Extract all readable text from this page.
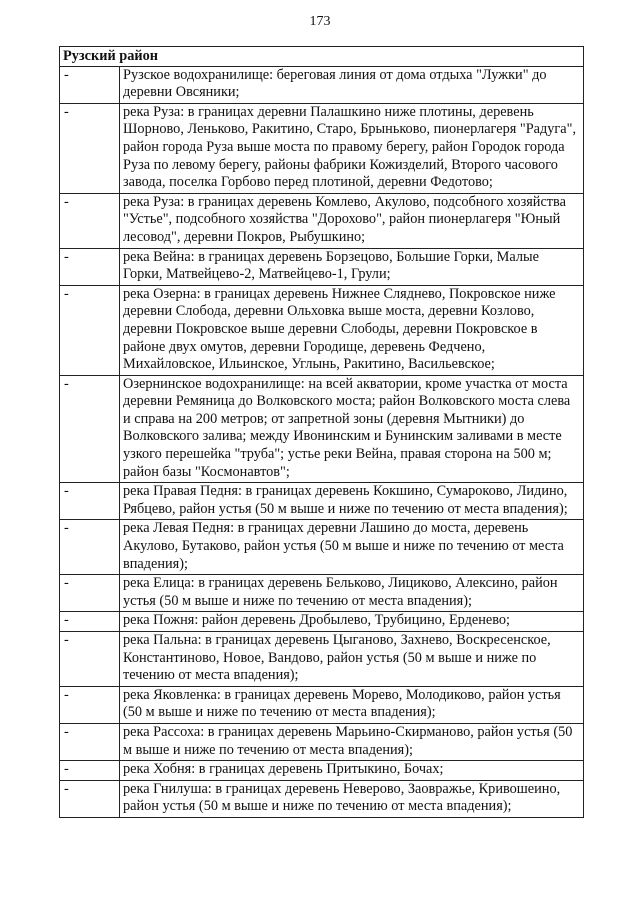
173
Рузский район	
-	Рузское водохранилище: береговая линия от дома отдыха "Лужки" до деревни Овсяники;
-	река Руза: в границах деревни Палашкино ниже плотины, деревень Шорново, Леньково, Ракитино, Старо, Брыньково, пионерлагеря "Радуга", район города Руза выше моста по правому берегу, район Городок города Руза по левому берегу, районы фабрики Кожизделий, Второго часового завода, поселка Горбово перед плотиной, деревни Федотово;
-	река Руза: в границах деревень Комлево, Акулово, подсобного хозяйства "Устье", подсобного хозяйства "Дорохово", район пионерлагеря "Юный лесовод", деревни Покров, Рыбушкино;
-	река Вейна: в границах деревень Борзецово, Большие Горки, Малые Горки, Матвейцево-2, Матвейцево-1, Грули;
-	река Озерна: в границах деревень Нижнее Сляднево, Покровское ниже деревни Слобода, деревни Ольховка выше моста, деревни Козлово, деревни Покровское выше деревни Слободы, деревни Покровское в районе двух омутов, деревни Городище, деревень Федчено, Михайловское, Ильинское, Углынь, Ракитино, Васильевское;
-	Озернинское водохранилище: на всей акватории, кроме участка от моста деревни Ремяница до Волковского моста; район Волковского моста слева и справа на 200 метров; от запретной зоны (деревня Мытники) до Волковского залива; между Ивонинским и Бунинским заливами в месте узкого перешейка "труба"; устье реки Вейна, правая сторона на 500 м; район базы "Космонавтов";
-	река Правая Педня: в границах деревень Кокшино, Сумароково, Лидино, Рябцево, район устья (50 м выше и ниже по течению от места впадения);
-	река Левая Педня: в границах деревни Лашино до моста, деревень Акулово, Бутаково, район устья (50 м выше и ниже по течению от места впадения);
-	река Елица: в границах деревень Бельково, Лициково, Алексино, район устья (50 м выше и ниже по течению от места впадения);
-	река Пожня: район деревень Дробылево, Трубицино, Ерденево;
-	река Пальна: в границах деревень Цыганово, Захнево, Воскресенское, Константиново, Новое, Вандово, район устья (50 м выше и ниже по течению от места впадения);
-	река Яковленка: в границах деревень Морево, Молодиково, район устья (50 м выше и ниже по течению от места впадения);
-	река Рассоха: в границах деревень Марьино-Скирманово, район устья (50 м выше и ниже по течению от места впадения);
-	река Хобня: в границах деревень Притыкино, Бочах;
-	река Гнилуша: в границах деревень Неверово, Заовражье, Кривошеино, район устья (50 м выше и ниже по течению от места впадения);
